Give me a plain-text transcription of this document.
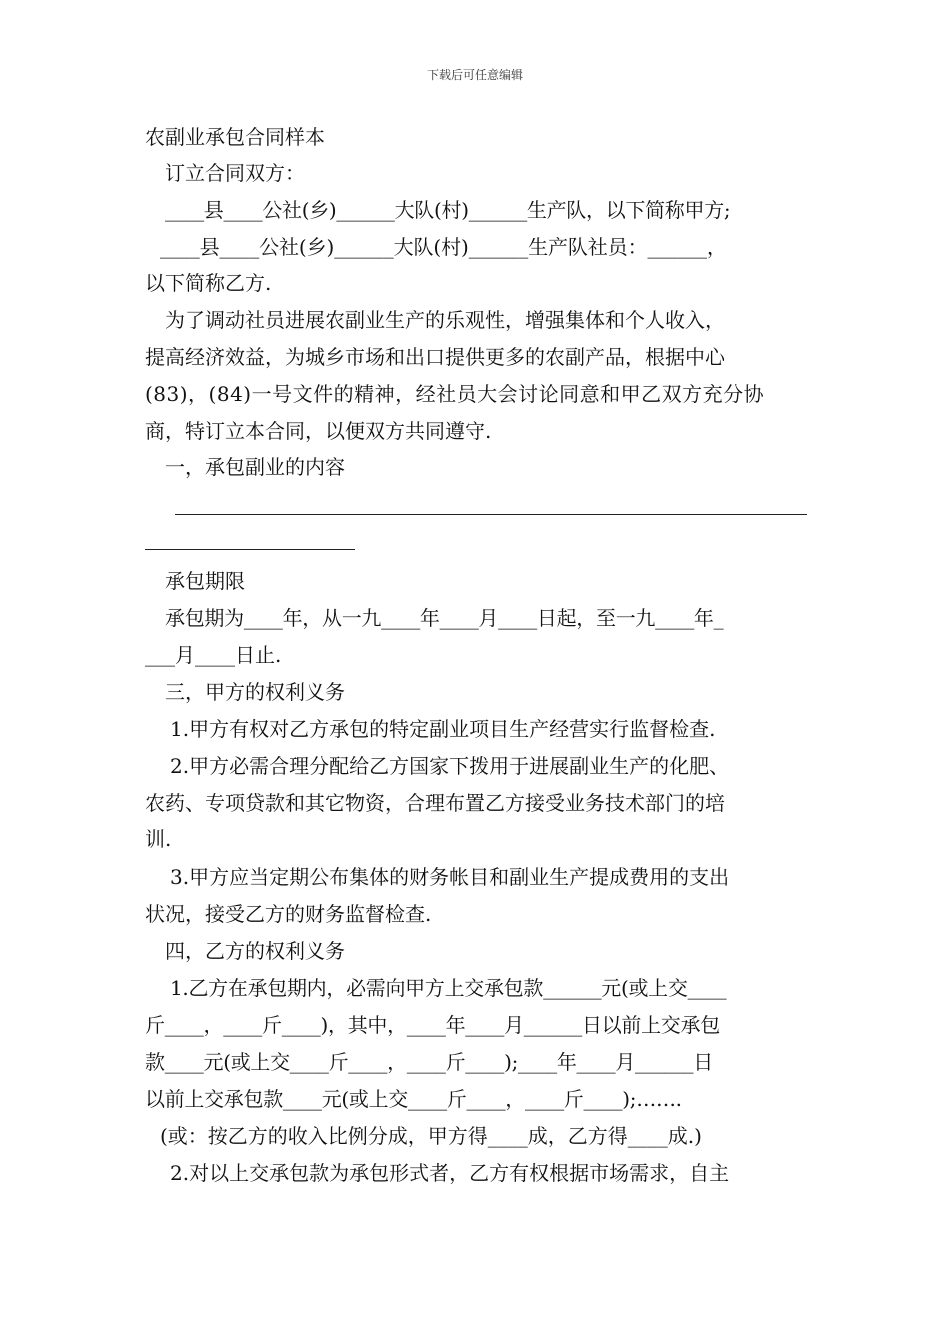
下载后可任意编辑
农副业承包合同样本
订立合同双方：
____县____公社(乡)______大队(村)______生产队，以下简称甲方;
____县____公社(乡)______大队(村)______生产队社员：______，
以下简称乙方.
为了调动社员进展农副业生产的乐观性，增强集体和个人收入，
提高经济效益，为城乡市场和出口提供更多的农副产品，根据中心
(83)，(84)一号文件的精神，经社员大会讨论同意和甲乙双方充分协
商，特订立本合同，以便双方共同遵守.
一，承包副业的内容
承包期限
承包期为____年，从一九____年____月____日起，至一九____年_
___月____日止.
三，甲方的权利义务
1.甲方有权对乙方承包的特定副业项目生产经营实行监督检查.
2.甲方必需合理分配给乙方国家下拨用于进展副业生产的化肥、
农药、专项贷款和其它物资，合理布置乙方接受业务技术部门的培
训.
3.甲方应当定期公布集体的财务帐目和副业生产提成费用的支出
状况，接受乙方的财务监督检查.
四，乙方的权利义务
1.乙方在承包期内，必需向甲方上交承包款______元(或上交____
斤____，____斤____)，其中，____年____月______日以前上交承包
款____元(或上交____斤____，____斤____);____年____月______日
以前上交承包款____元(或上交____斤____，____斤____);…….
(或：按乙方的收入比例分成，甲方得____成，乙方得____成.)
2.对以上交承包款为承包形式者，乙方有权根据市场需求，自主
